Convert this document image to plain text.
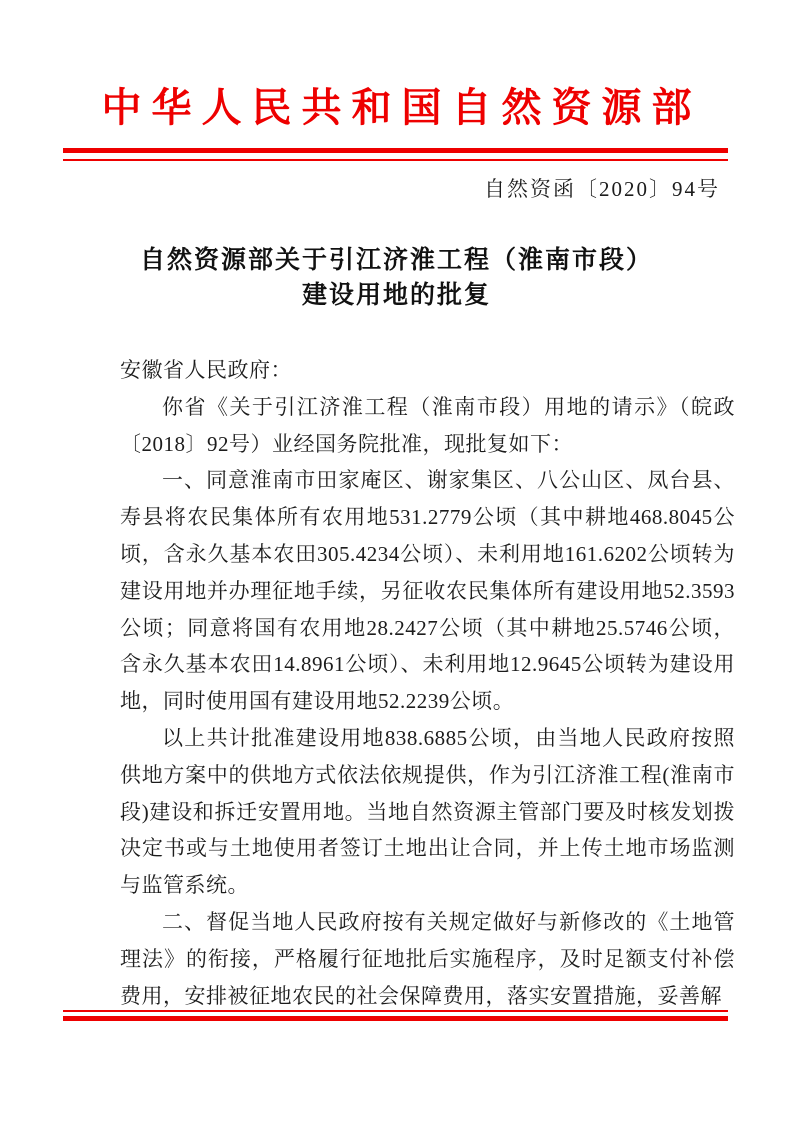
中华人民共和国自然资源部
自然资函〔2020〕94号
自然资源部关于引江济淮工程（淮南市段）
建设用地的批复

安徽省人民政府：

你省《关于引江济淮工程（淮南市段）用地的请示》（皖政〔2018〕92号）业经国务院批准，现批复如下：

一、同意淮南市田家庵区、谢家集区、八公山区、凤台县、寿县将农民集体所有农用地531.2779公顷（其中耕地468.8045公顷，含永久基本农田305.4234公顷）、未利用地161.6202公顷转为建设用地并办理征地手续，另征收农民集体所有建设用地52.3593公顷；同意将国有农用地28.2427公顷（其中耕地25.5746公顷，含永久基本农田14.8961公顷）、未利用地12.9645公顷转为建设用地，同时使用国有建设用地52.2239公顷。

以上共计批准建设用地838.6885公顷，由当地人民政府按照供地方案中的供地方式依法依规提供，作为引江济淮工程(淮南市段)建设和拆迁安置用地。当地自然资源主管部门要及时核发划拨决定书或与土地使用者签订土地出让合同，并上传土地市场监测与监管系统。

二、督促当地人民政府按有关规定做好与新修改的《土地管理法》的衔接，严格履行征地批后实施程序，及时足额支付补偿费用，安排被征地农民的社会保障费用，落实安置措施，妥善解
